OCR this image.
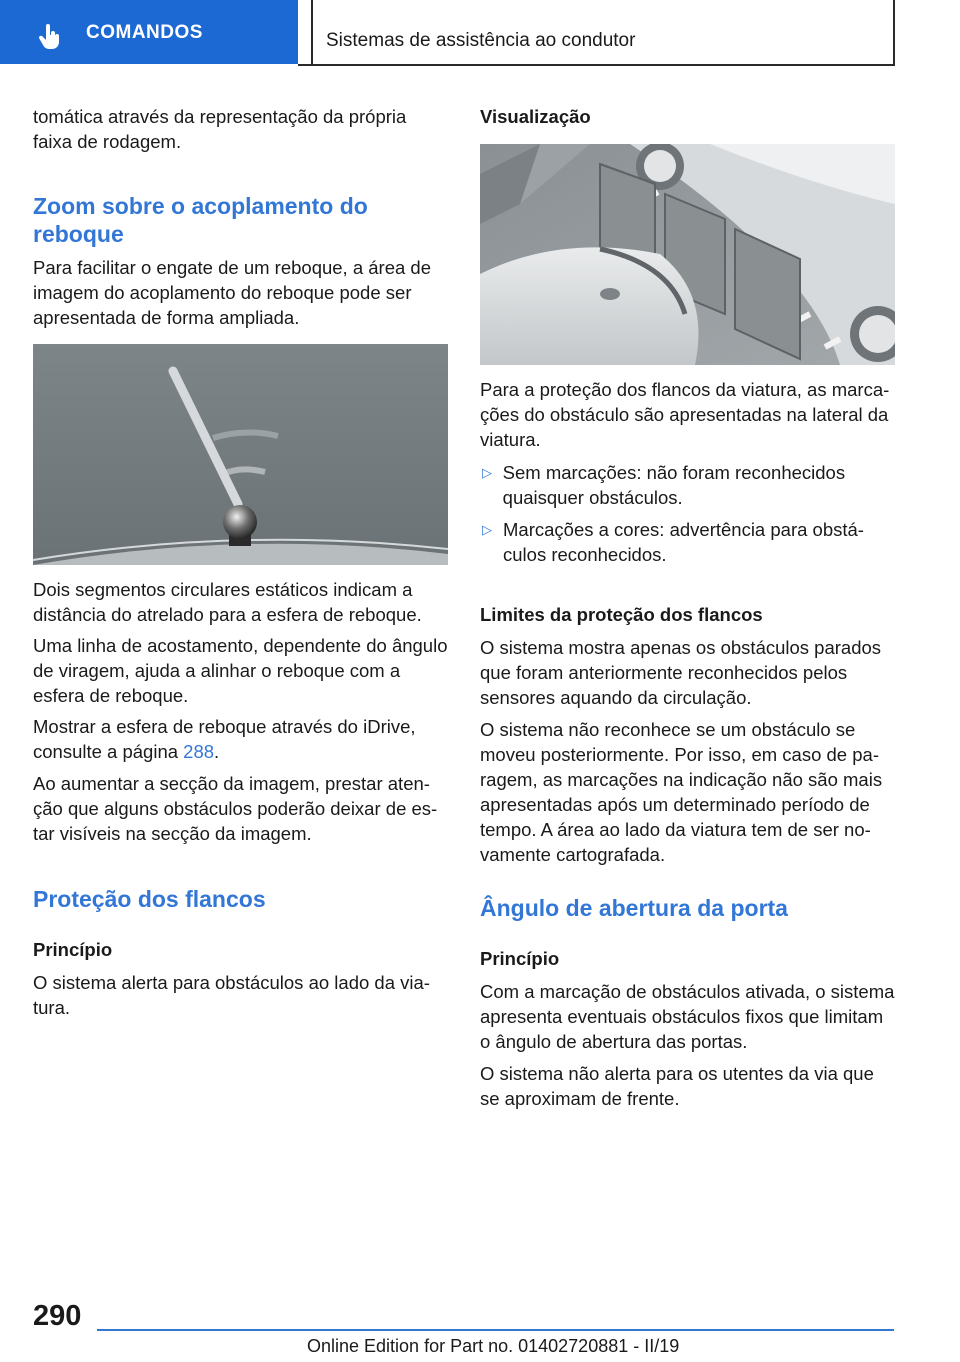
COMANDOS	Sistemas de assistência ao condutor

tomática através da representação da própria faixa de rodagem.

Zoom sobre o acoplamento do reboque

Para facilitar o engate de um reboque, a área de imagem do acoplamento do reboque pode ser apresentada de forma ampliada.

Dois segmentos circulares estáticos indicam a distância do atrelado para a esfera de reboque.

Uma linha de acostamento, dependente do ângulo de viragem, ajuda a alinhar o reboque com a esfera de reboque.

Mostrar a esfera de reboque através do iDrive, consulte a página 288.

Ao aumentar a secção da imagem, prestar atenção que alguns obstáculos poderão deixar de estar visíveis na secção da imagem.

Proteção dos flancos
Princípio

O sistema alerta para obstáculos ao lado da viatura.

Visualização

Para a proteção dos flancos da viatura, as marcações do obstáculo são apresentadas na lateral da viatura.

▷ Sem marcações: não foram reconhecidos quaisquer obstáculos.
▷ Marcações a cores: advertência para obstáculos reconhecidos.
Limites da proteção dos flancos

O sistema mostra apenas os obstáculos parados que foram anteriormente reconhecidos pelos sensores aquando da circulação.

O sistema não reconhece se um obstáculo se moveu posteriormente. Por isso, em caso de paragem, as marcações na indicação não são mais apresentadas após um determinado período de tempo. A área ao lado da viatura tem de ser novamente cartografada.

Ângulo de abertura da porta
Princípio

Com a marcação de obstáculos ativada, o sistema apresenta eventuais obstáculos fixos que limitam o ângulo de abertura das portas.

O sistema não alerta para os utentes da via que se aproximam de frente.

290
Online Edition for Part no. 01402720881 - II/19
